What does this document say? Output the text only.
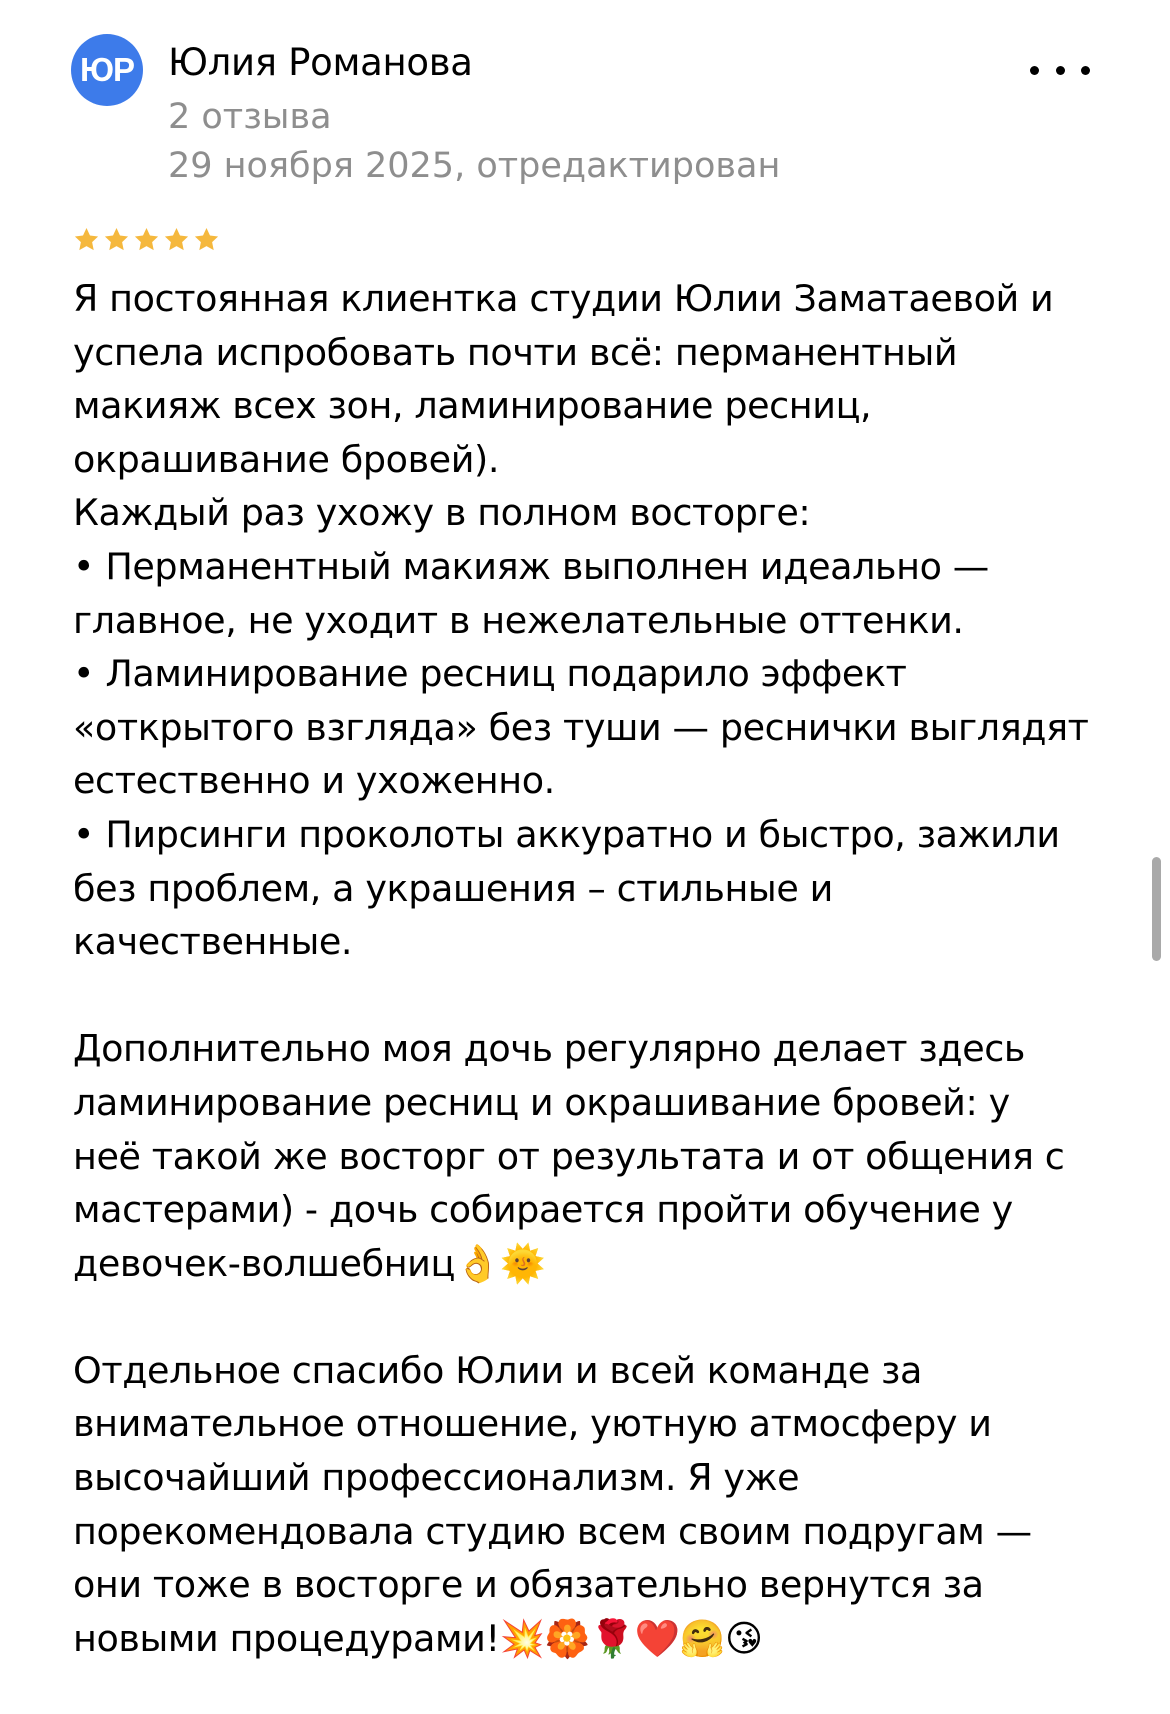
ЮР Юлия Романова
2 отзыва
29 ноября 2025, отредактирован

Я постоянная клиентка студии Юлии Заматаевой и

успела испробовать почти всё: перманентный

макияж всех зон, ламинирование ресниц,

окрашивание бровей).

Каждый раз ухожу в полном восторге:

• Перманентный макияж выполнен идеально —

главное, не уходит в нежелательные оттенки.

• Ламинирование ресниц подарило эффект

«открытого взгляда» без туши — реснички выглядят

естественно и ухоженно.

• Пирсинги проколоты аккуратно и быстро, зажили

без проблем, а украшения – стильные и

качественные.

Дополнительно моя дочь регулярно делает здесь

ламинирование ресниц и окрашивание бровей: у

неё такой же восторг от результата и от общения с

мастерами) - дочь собирается пройти обучение у

девочек-волшебниц👌🌞

Отдельное спасибо Юлии и всей команде за

внимательное отношение, уютную атмосферу и

высочайший профессионализм. Я уже

порекомендовала студию всем своим подругам —

они тоже в восторге и обязательно вернутся за

новыми процедурами!💥🏵️🌹❤️🤗😘
